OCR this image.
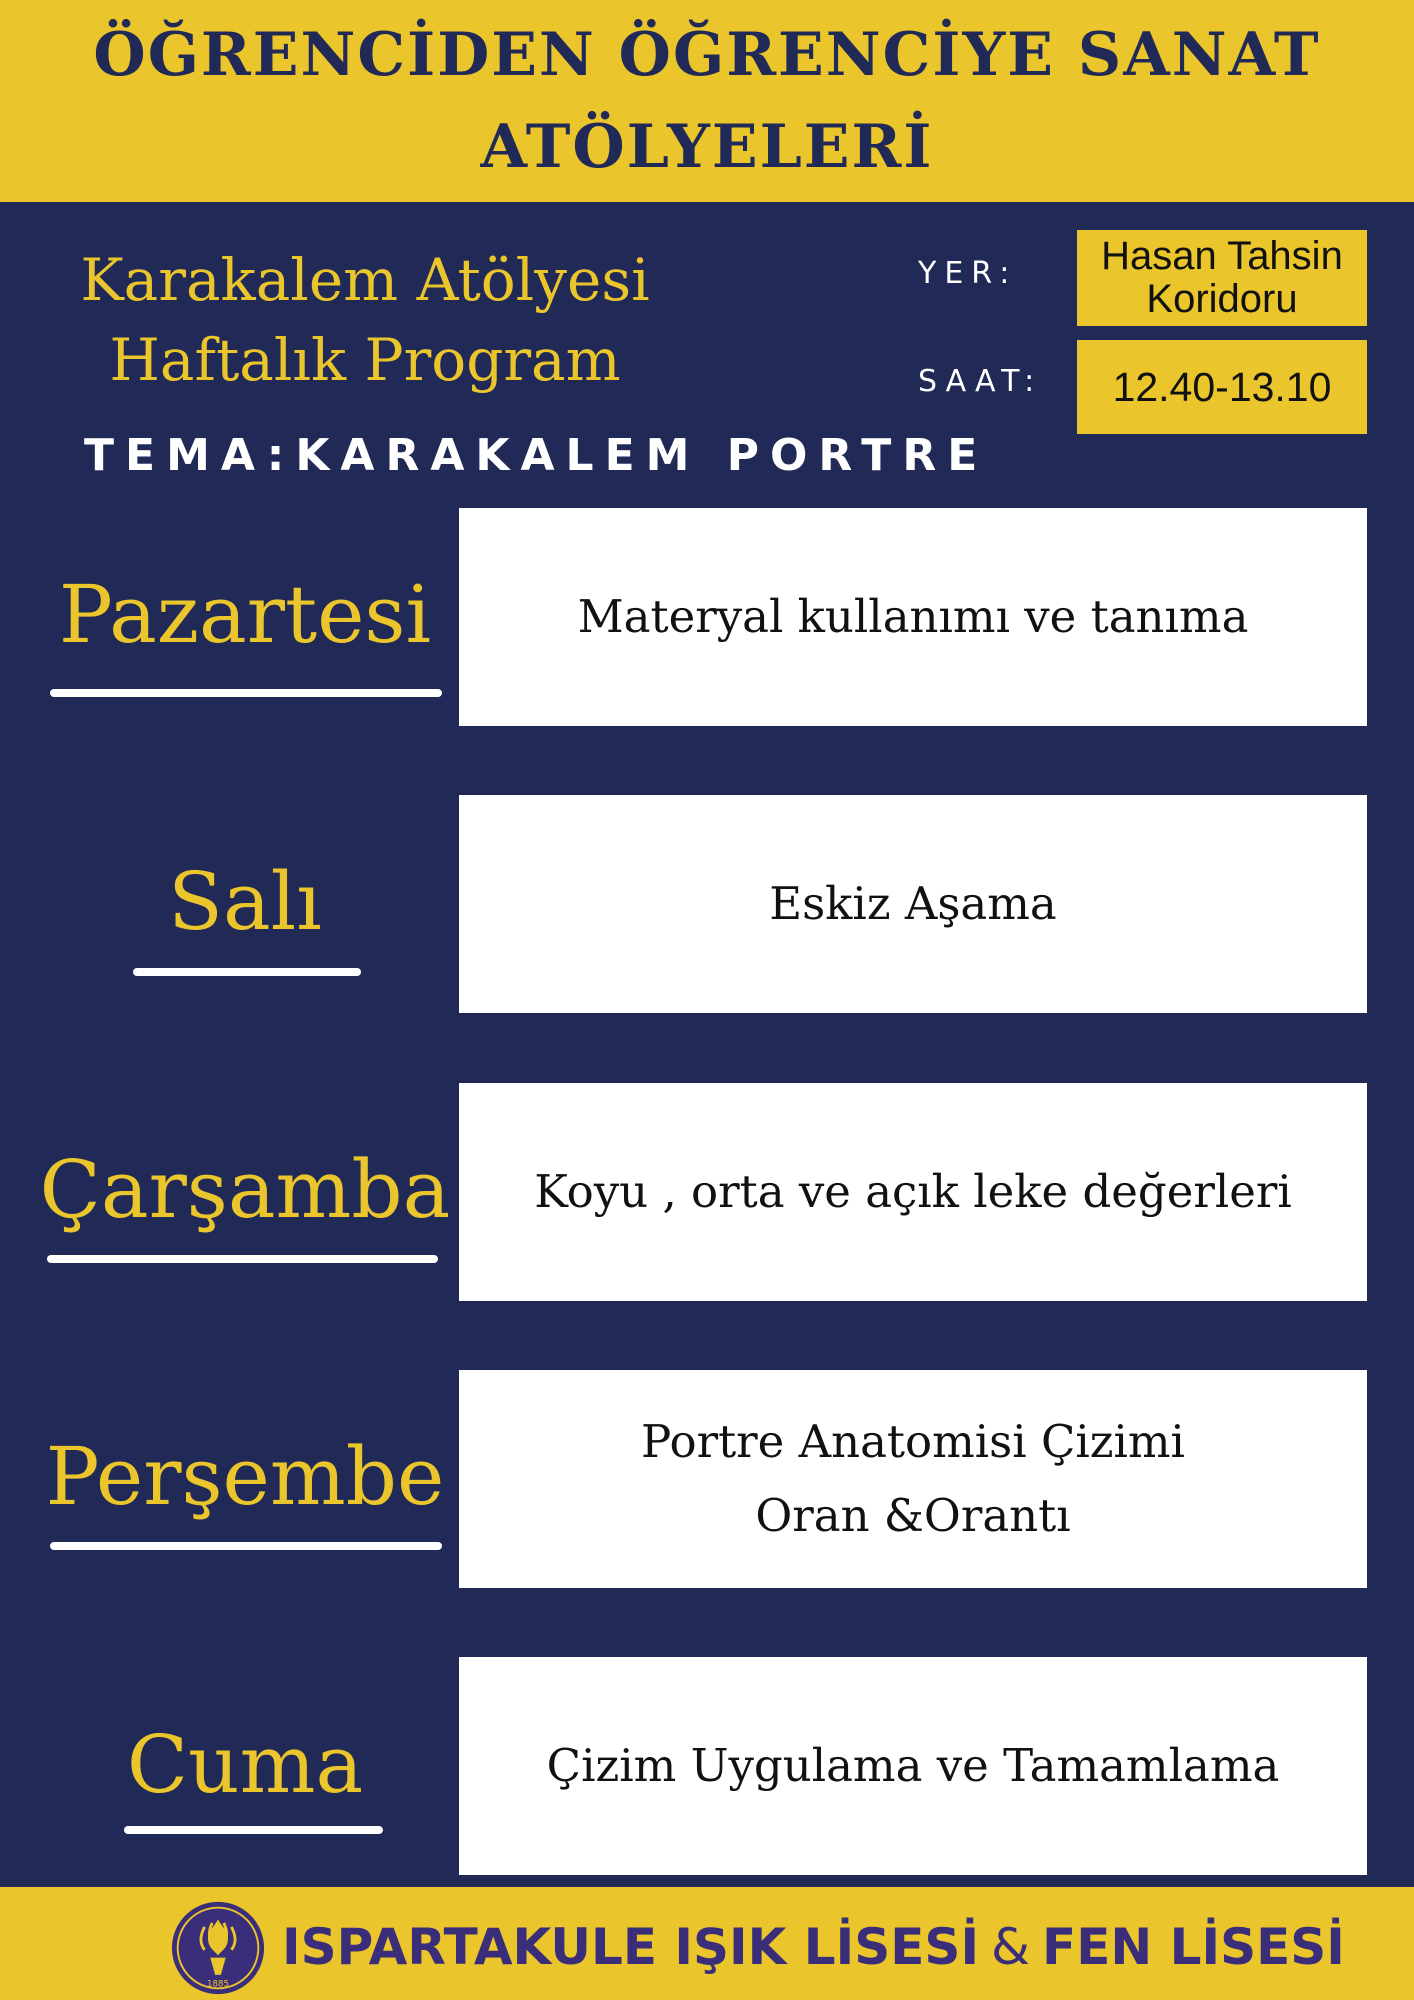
ÖĞRENCİDEN ÖĞRENCİYE SANAT ATÖLYELERİ
Karakalem Atölyesi
Haftalık Program
YER: Hasan Tahsin
Koridoru
SAAT: 12.40-13.10
TEMA:KARAKALEM PORTRE
Pazartesi	Materyal kullanımı ve tanıma
Salı	Eskiz Aşama
Çarşamba Koyu , orta ve açık leke değerleri
Perşembe	Portre Anatomisi Çizimi
Oran &Orantı
Cuma	Çizim Uygulama ve Tamamlama
1885
ISPARTAKULE IŞIK LİSESİ & FEN LİSESİ
